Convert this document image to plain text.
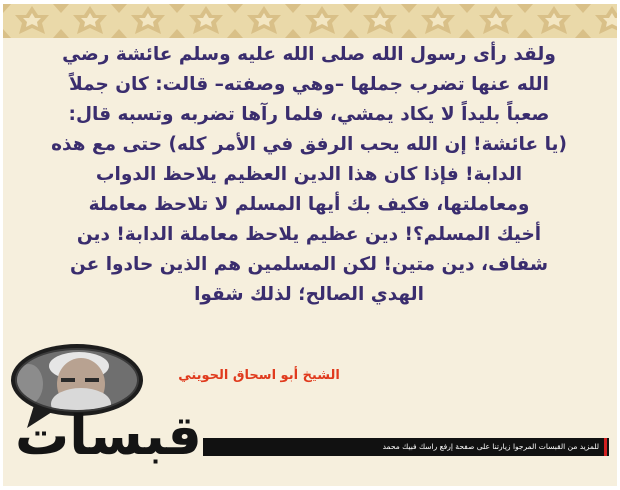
ولقد رأى رسول الله صلى الله عليه وسلم عائشة رضي
الله عنها تضرب جملها –وهي وصفته– قالت: كان جملاً
صعباً بليداً لا يكاد يمشي، فلما رآها تضربه وتسبه قال:
(يا عائشة! إن الله يحب الرفق في الأمر كله) حتى مع هذه
الدابة! فإذا كان هذا الدين العظيم يلاحظ الدواب
ومعاملتها، فكيف بك أيها المسلم لا تلاحظ معاملة
أخيك المسلم؟! دين عظيم يلاحظ معاملة الدابة! دين
شفاف، دين متين! لكن المسلمين هم الذين حادوا عن
الهدي الصالح؛ لذلك شقوا
الشيخ أبو اسحاق الحويني
قبسات	للمزيد من القبسات المرجوا زيارتنا على صفحة إرفع راسك فبيك محمد
